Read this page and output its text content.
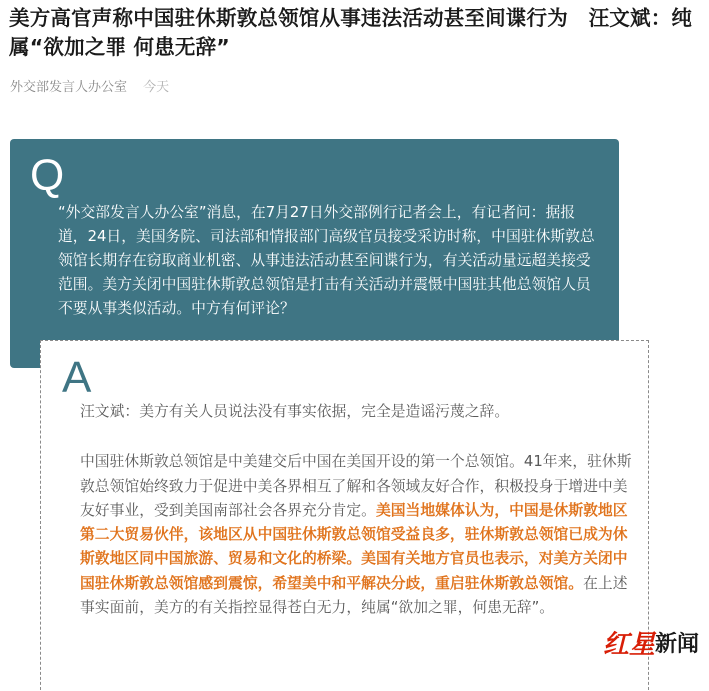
美方高官声称中国驻休斯敦总领馆从事违法活动甚至间谍行为　汪文斌：纯属“欲加之罪 何患无辞”
外交部发言人办公室 今天
Q
“外交部发言人办公室”消息，在7月27日外交部例行记者会上，有记者问：据报道，24日，美国务院、司法部和情报部门高级官员接受采访时称，中国驻休斯敦总领馆长期存在窃取商业机密、从事违法活动甚至间谍行为，有关活动量远超美接受范围。美方关闭中国驻休斯敦总领馆是打击有关活动并震慑中国驻其他总领馆人员不要从事类似活动。中方有何评论？
A

汪文斌：美方有关人员说法没有事实依据，完全是造谣污蔑之辞。

中国驻休斯敦总领馆是中美建交后中国在美国开设的第一个总领馆。41年来，驻休斯敦总领馆始终致力于促进中美各界相互了解和各领域友好合作，积极投身于增进中美友好事业，受到美国南部社会各界充分肯定。美国当地媒体认为，中国是休斯敦地区第二大贸易伙伴，该地区从中国驻休斯敦总领馆受益良多，驻休斯敦总领馆已成为休斯敦地区同中国旅游、贸易和文化的桥梁。美国有关地方官员也表示，对美方关闭中国驻休斯敦总领馆感到震惊，希望美中和平解决分歧，重启驻休斯敦总领馆。在上述事实面前，美方的有关指控显得苍白无力，纯属“欲加之罪，何患无辞”。

红星 新闻
